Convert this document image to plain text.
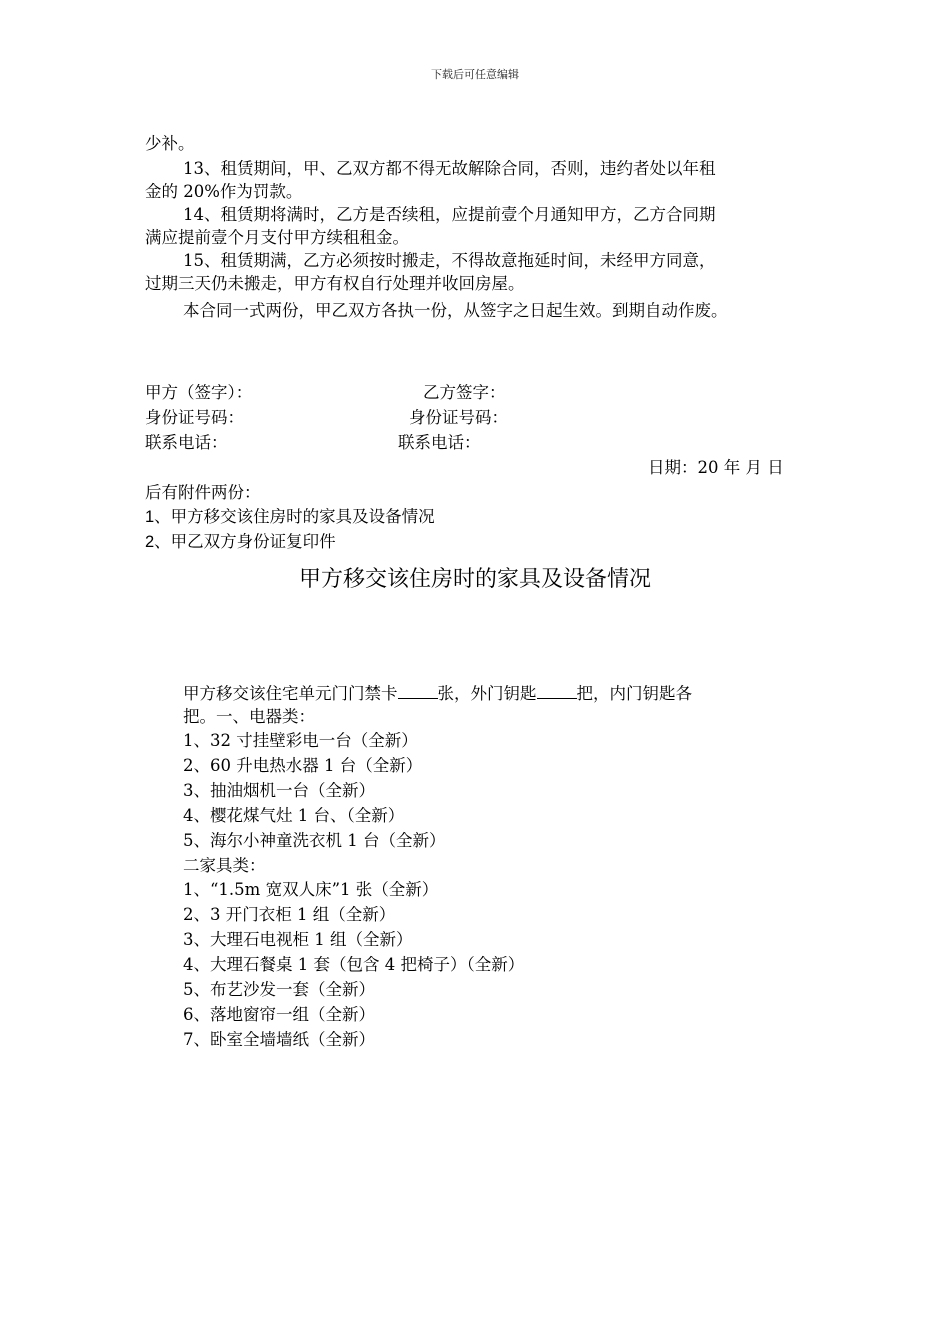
下载后可任意编辑
少补。
13、租赁期间，甲、乙双方都不得无故解除合同，否则，违约者处以年租
金的 20%作为罚款。
14、租赁期将满时，乙方是否续租，应提前壹个月通知甲方，乙方合同期
满应提前壹个月支付甲方续租租金。
15、租赁期满，乙方必须按时搬走，不得故意拖延时间，未经甲方同意，
过期三天仍未搬走，甲方有权自行处理并收回房屋。
本合同一式两份，甲乙双方各执一份，从签字之日起生效。到期自动作废。
甲方（签字）：	乙方签字：
身份证号码：	身份证号码：
联系电话：	联系电话：
日期：20 年 月 日
后有附件两份：
1、甲方移交该住房时的家具及设备情况
2、甲乙双方身份证复印件
甲方移交该住房时的家具及设备情况
甲方移交该住宅单元门门禁卡 张，外门钥匙 把，内门钥匙各
把。一、电器类：
1、32 寸挂壁彩电一台（全新）
2、60 升电热水器 1 台（全新）
3、抽油烟机一台（全新）
4、樱花煤气灶 1 台、（全新）
5、海尔小神童洗衣机 1 台（全新）
二家具类：
1、“1.5m 宽双人床”1 张（全新）
2、3 开门衣柜 1 组（全新）
3、大理石电视柜 1 组（全新）
4、大理石餐桌 1 套（包含 4 把椅子）（全新）
5、布艺沙发一套（全新）
6、落地窗帘一组（全新）
7、卧室全墙墙纸（全新）
